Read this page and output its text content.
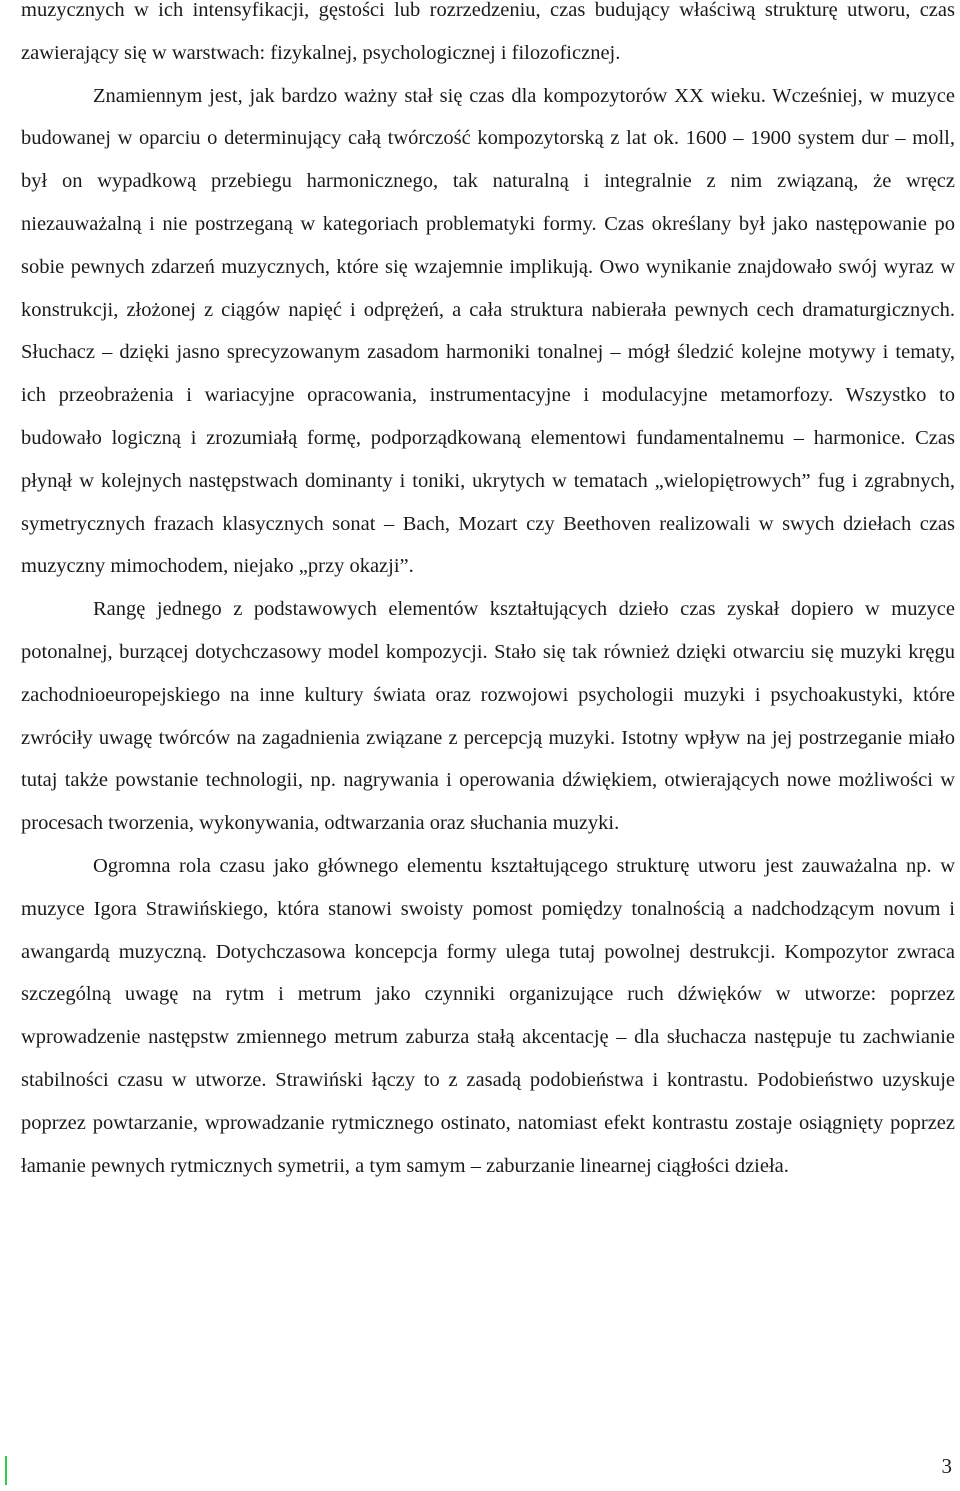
muzycznych w ich intensyfikacji, gęstości lub rozrzedzeniu, czas budujący właściwą strukturę utworu, czas zawierający się w warstwach: fizykalnej, psychologicznej i filozoficznej.

Znamiennym jest, jak bardzo ważny stał się czas dla kompozytorów XX wieku. Wcześniej, w muzyce budowanej w oparciu o determinujący całą twórczość kompozytorską z lat ok. 1600 – 1900 system dur – moll, był on wypadkową przebiegu harmonicznego, tak naturalną i integralnie z nim związaną, że wręcz niezauważalną i nie postrzeganą w kategoriach problematyki formy. Czas określany był jako następowanie po sobie pewnych zdarzeń muzycznych, które się wzajemnie implikują. Owo wynikanie znajdowało swój wyraz w konstrukcji, złożonej z ciągów napięć i odprężeń, a cała struktura nabierała pewnych cech dramaturgicznych. Słuchacz – dzięki jasno sprecyzowanym zasadom harmoniki tonalnej – mógł śledzić kolejne motywy i tematy, ich przeobrażenia i wariacyjne opracowania, instrumentacyjne i modulacyjne metamorfozy. Wszystko to budowało logiczną i zrozumiałą formę, podporządkowaną elementowi fundamentalnemu – harmonice. Czas płynął w kolejnych następstwach dominanty i toniki, ukrytych w tematach „wielopiętrowych” fug i zgrabnych, symetrycznych frazach klasycznych sonat – Bach, Mozart czy Beethoven realizowali w swych dziełach czas muzyczny mimochodem, niejako „przy okazji”.

Rangę jednego z podstawowych elementów kształtujących dzieło czas zyskał dopiero w muzyce potonalnej, burzącej dotychczasowy model kompozycji. Stało się tak również dzięki otwarciu się muzyki kręgu zachodnioeuropejskiego na inne kultury świata oraz rozwojowi psychologii muzyki i psychoakustyki, które zwróciły uwagę twórców na zagadnienia związane z percepcją muzyki. Istotny wpływ na jej postrzeganie miało tutaj także powstanie technologii, np. nagrywania i operowania dźwiękiem, otwierających nowe możliwości w procesach tworzenia, wykonywania, odtwarzania oraz słuchania muzyki.

Ogromna rola czasu jako głównego elementu kształtującego strukturę utworu jest zauważalna np. w muzyce Igora Strawińskiego, która stanowi swoisty pomost pomiędzy tonalnością a nadchodzącym novum i awangardą muzyczną. Dotychczasowa koncepcja formy ulega tutaj powolnej destrukcji. Kompozytor zwraca szczególną uwagę na rytm i metrum jako czynniki organizujące ruch dźwięków w utworze: poprzez wprowadzenie następstw zmiennego metrum zaburza stałą akcentację – dla słuchacza następuje tu zachwianie stabilności czasu w utworze. Strawiński łączy to z zasadą podobieństwa i kontrastu. Podobieństwo uzyskuje poprzez powtarzanie, wprowadzanie rytmicznego ostinato, natomiast efekt kontrastu zostaje osiągnięty poprzez łamanie pewnych rytmicznych symetrii, a tym samym – zaburzanie linearnej ciągłości dzieła.

3
